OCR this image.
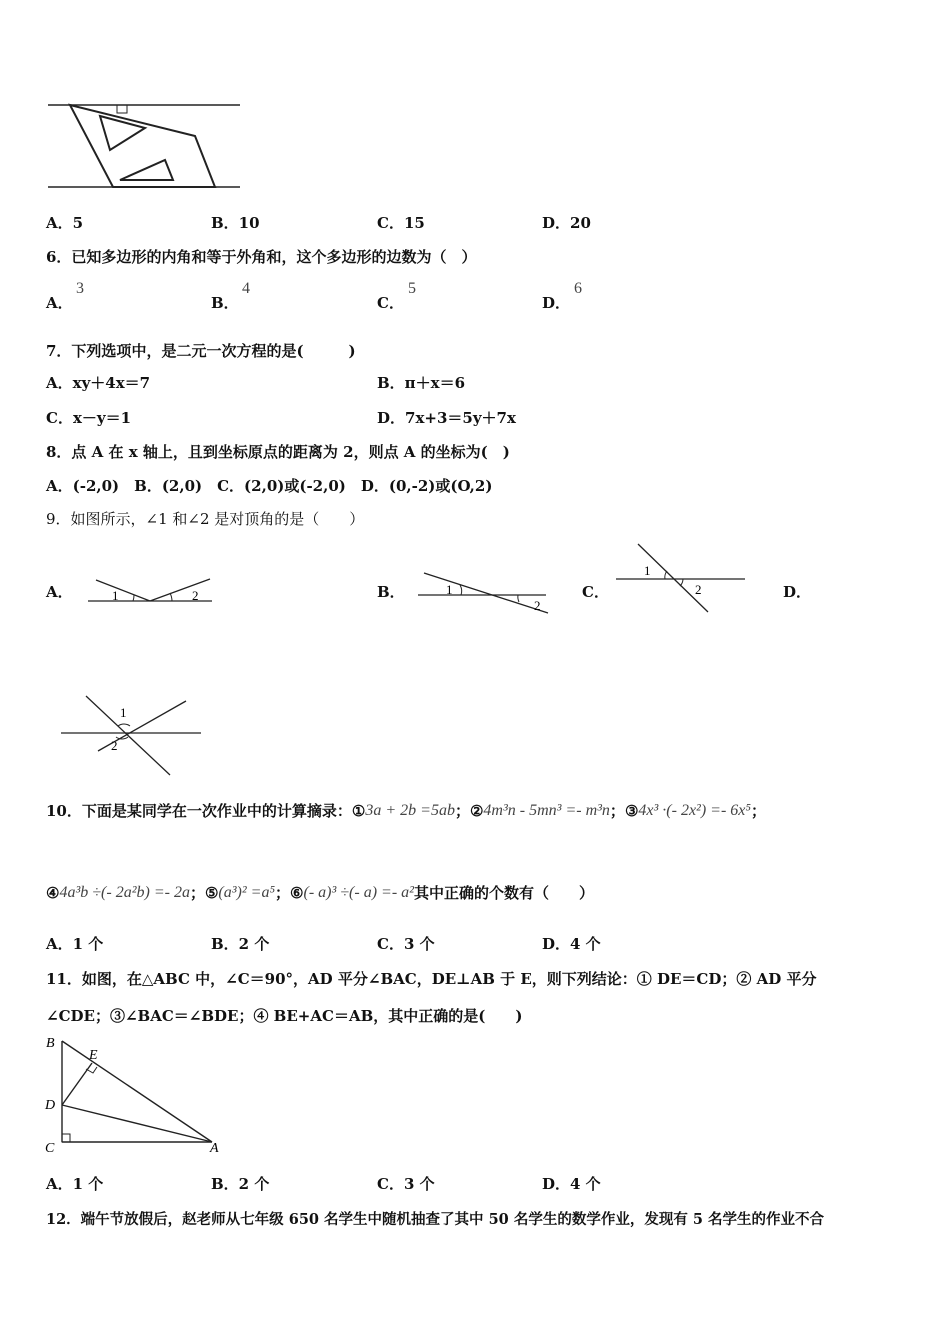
A．5	B．10	C．15	D．20
6．已知多边形的内角和等于外角和，这个多边形的边数为（　）
A．
3
B．
4
C．
5
D．
6
7．下列选项中，是二元一次方程的是(　　　)
A．xy＋4x＝7	B．π＋x＝6
C．x－y＝1	D．7x+3＝5y＋7x
8．点 A 在 x 轴上，且到坐标原点的距离为 2，则点 A 的坐标为(　)
A．(-2,0)　B．(2,0)　C．(2,0)或(-2,0)　D．(0,-2)或(O,2)
9．如图所示，∠1 和∠2 是对顶角的是（　　）
A．	1	2	B．	1
2
C．
1
2	D．
1
2
10．下面是某同学在一次作业中的计算摘录： ① 3a + 2b =5ab ； ② 4m³n - 5mn³ =- m³n ； ③ 4x³ ·(- 2x²) =- 6x⁵ ；
④ 4a³b ÷(- 2a²b) =- 2a ； ⑤ (a³)² =a⁵ ； ⑥ (- a)³ ÷(- a) =- a² 其中正确的个数有（　　）
A．1 个	B．2 个	C．3 个	D．4 个
11．如图，在△ABC 中，∠C＝90°，AD 平分∠BAC，DE⊥AB 于 E，则下列结论：① DE＝CD；② AD 平分
∠CDE；③∠BAC＝∠BDE；④ BE+AC＝AB，其中正确的是(　　)
B
E
D
C	A
A．1 个	B．2 个	C．3 个	D．4 个
12．端午节放假后，赵老师从七年级 650 名学生中随机抽查了其中 50 名学生的数学作业，发现有 5 名学生的作业不合
